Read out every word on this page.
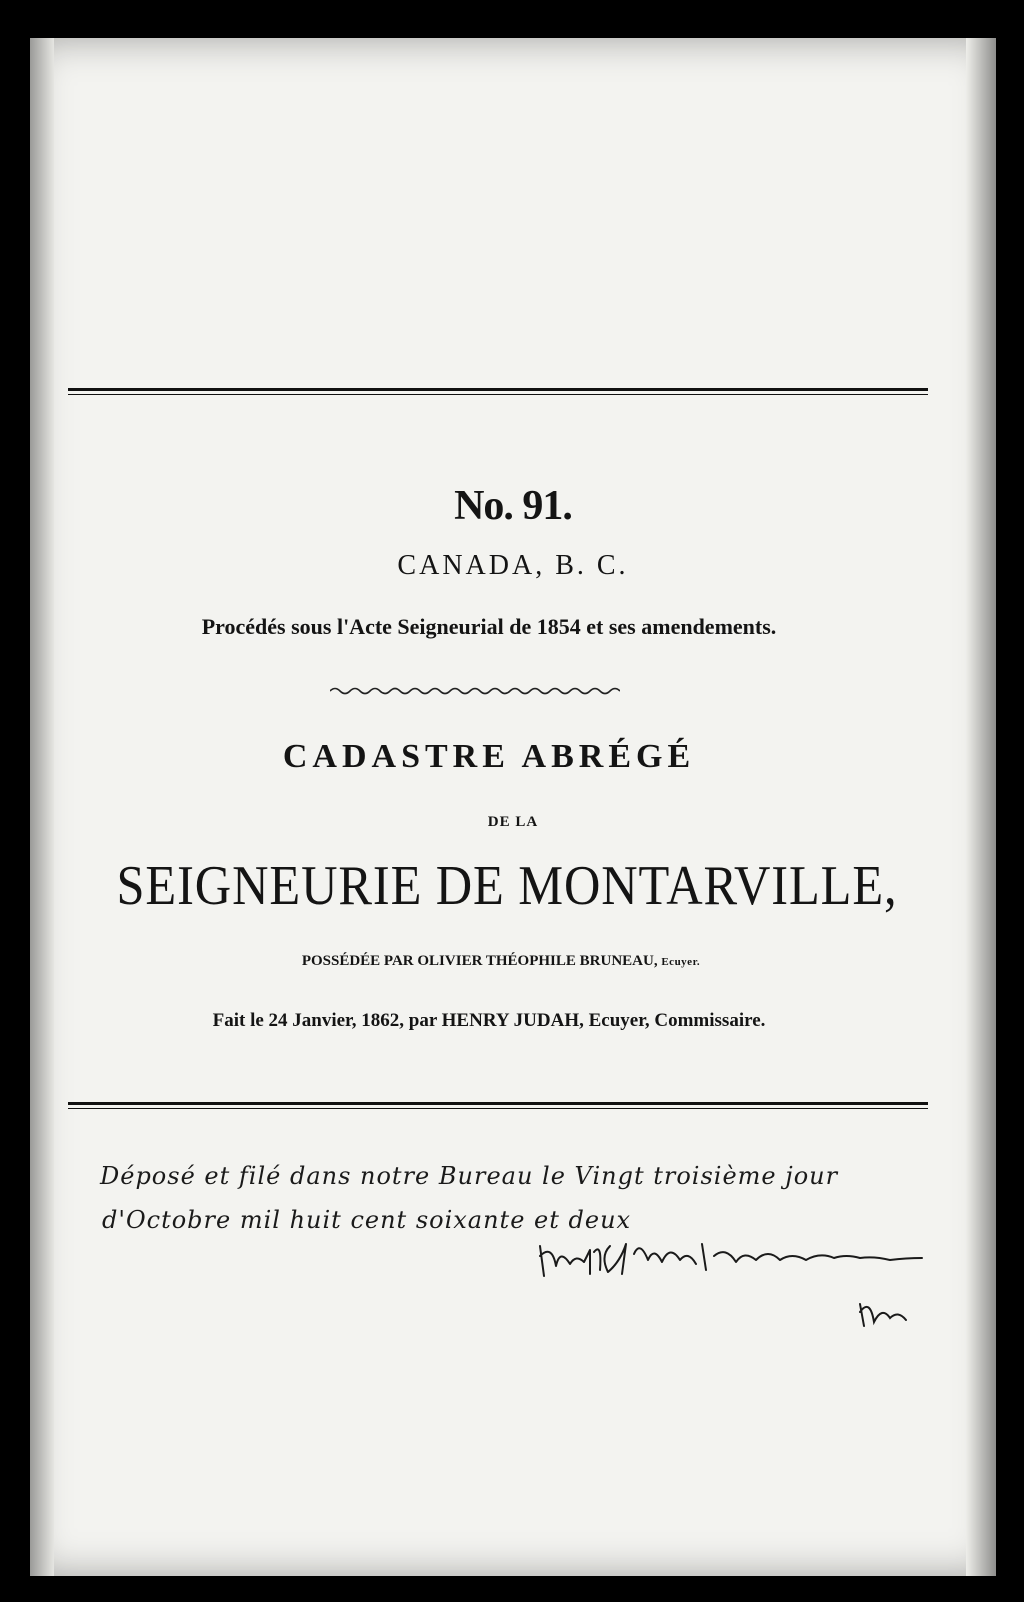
No. 91.
CANADA, B. C.
Procédés sous l'Acte Seigneurial de 1854 et ses amendements.
CADASTRE ABRÉGÉ
DE LA
SEIGNEURIE DE MONTARVILLE,
POSSÉDÉE PAR OLIVIER THÉOPHILE BRUNEAU, Ecuyer.
Fait le 24 Janvier, 1862, par HENRY JUDAH, Ecuyer, Commissaire.
Déposé et filé dans notre Bureau le Vingt troisième jour
d'Octobre mil huit cent soixante et deux
